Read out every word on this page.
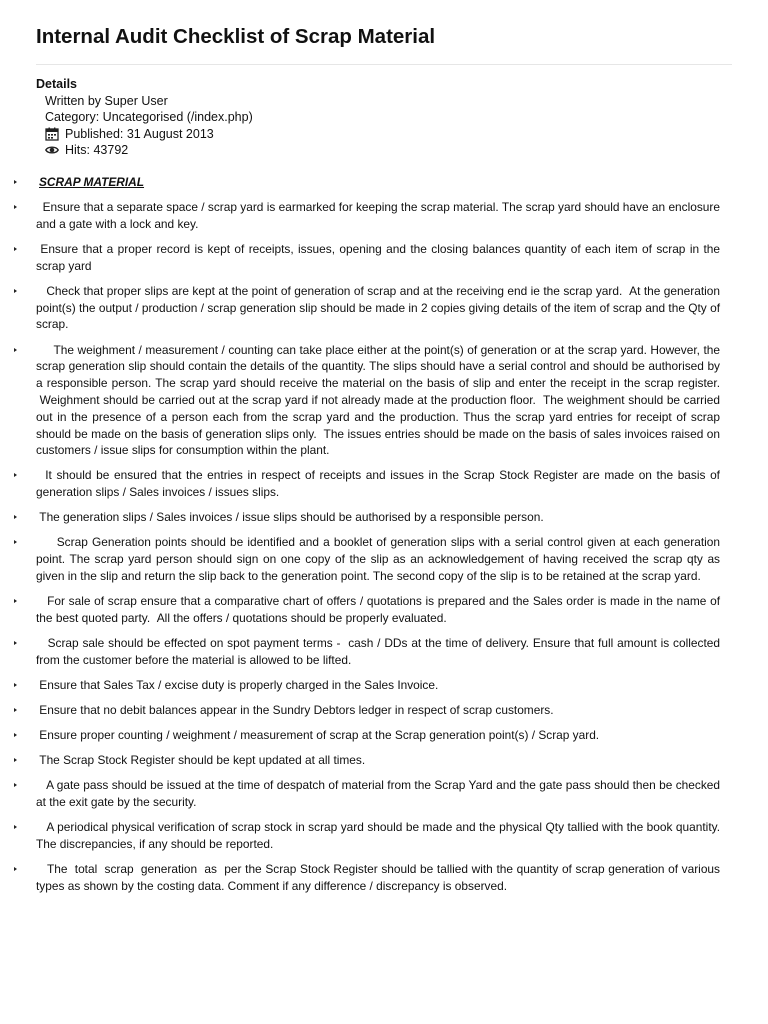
Internal Audit Checklist of Scrap Material
Details
Written by Super User
Category: Uncategorised (/index.php)
Published: 31 August 2013
Hits: 43792
SCRAP MATERIAL
Ensure that a separate space / scrap yard is earmarked for keeping the scrap material. The scrap yard should have an enclosure and a gate with a lock and key.
Ensure that a proper record is kept of receipts, issues, opening and the closing balances quantity of each item of scrap in the scrap yard
Check that proper slips are kept at the point of generation of scrap and at the receiving end ie the scrap yard.  At the generation point(s) the output / production / scrap generation slip should be made in 2 copies giving details of the item of scrap and the Qty of scrap.
The weighment / measurement / counting can take place either at the point(s) of generation or at the scrap yard. However, the scrap generation slip should contain the details of the quantity. The slips should have a serial control and should be authorised by a responsible person. The scrap yard should receive the material on the basis of slip and enter the receipt in the scrap register.  Weighment should be carried out at the scrap yard if not already made at the production floor.  The weighment should be carried out in the presence of a person each from the scrap yard and the production. Thus the scrap yard entries for receipt of scrap should be made on the basis of generation slips only.  The issues entries should be made on the basis of sales invoices raised on customers / issue slips for consumption within the plant.
It should be ensured that the entries in respect of receipts and issues in the Scrap Stock Register are made on the basis of generation slips / Sales invoices / issues slips.
The generation slips / Sales invoices / issue slips should be authorised by a responsible person.
Scrap Generation points should be identified and a booklet of generation slips with a serial control given at each generation point. The scrap yard person should sign on one copy of the slip as an acknowledgement of having received the scrap qty as given in the slip and return the slip back to the generation point. The second copy of the slip is to be retained at the scrap yard.
For sale of scrap ensure that a comparative chart of offers / quotations is prepared and the Sales order is made in the name of the best quoted party.  All the offers / quotations should be properly evaluated.
Scrap sale should be effected on spot payment terms -  cash / DDs at the time of delivery. Ensure that full amount is collected from the customer before the material is allowed to be lifted.
Ensure that Sales Tax / excise duty is properly charged in the Sales Invoice.
Ensure that no debit balances appear in the Sundry Debtors ledger in respect of scrap customers.
Ensure proper counting / weighment / measurement of scrap at the Scrap generation point(s) / Scrap yard.
The Scrap Stock Register should be kept updated at all times.
A gate pass should be issued at the time of despatch of material from the Scrap Yard and the gate pass should then be checked at the exit gate by the security.
A periodical physical verification of scrap stock in scrap yard should be made and the physical Qty tallied with the book quantity. The discrepancies, if any should be reported.
The  total  scrap  generation  as  per the Scrap Stock Register should be tallied with the quantity of scrap generation of various types as shown by the costing data. Comment if any difference / discrepancy is observed.
